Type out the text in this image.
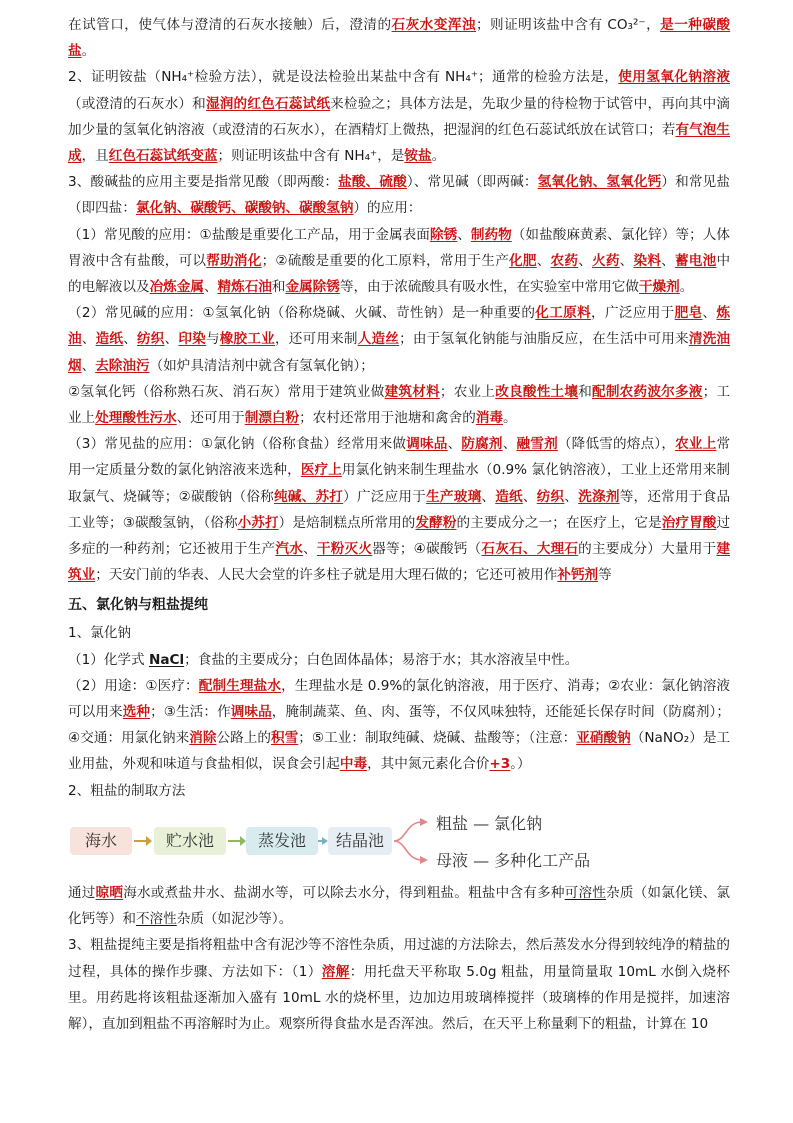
在试管口，使气体与澄清的石灰水接触）后，澄清的石灰水变浑浊；则证明该盐中含有 CO₃²⁻，是一种碳酸盐。

2、证明铵盐（NH₄⁺检验方法），就是设法检验出某盐中含有 NH₄⁺；通常的检验方法是，使用氢氧化钠溶液（或澄清的石灰水）和湿润的红色石蕊试纸来检验之；具体方法是，先取少量的待检物于试管中，再向其中滴加少量的氢氧化钠溶液（或澄清的石灰水），在酒精灯上微热，把湿润的红色石蕊试纸放在试管口；若有气泡生成，且红色石蕊试纸变蓝；则证明该盐中含有 NH₄⁺，是铵盐。

3、酸碱盐的应用主要是指常见酸（即两酸：盐酸、硫酸）、常见碱（即两碱：氢氧化钠、氢氧化钙）和常见盐（即四盐：氯化钠、碳酸钙、碳酸钠、碳酸氢钠）的应用：

（1）常见酸的应用：①盐酸是重要化工产品，用于金属表面除锈、制药物（如盐酸麻黄素、氯化锌）等；人体胃液中含有盐酸，可以帮助消化；②硫酸是重要的化工原料，常用于生产化肥、农药、火药、染料、蓄电池中的电解液以及冶炼金属、精炼石油和金属除锈等，由于浓硫酸具有吸水性，在实验室中常用它做干燥剂。

（2）常见碱的应用：①氢氧化钠（俗称烧碱、火碱、苛性钠）是一种重要的化工原料，广泛应用于肥皂、炼油、造纸、纺织、印染与橡胶工业，还可用来制人造丝；由于氢氧化钠能与油脂反应，在生活中可用来清洗油烟、去除油污（如炉具清洁剂中就含有氢氧化钠）；

②氢氧化钙（俗称熟石灰、消石灰）常用于建筑业做建筑材料；农业上改良酸性土壤和配制农药波尔多液；工业上处理酸性污水、还可用于制漂白粉；农村还常用于池塘和禽舍的消毒。

（3）常见盐的应用：①氯化钠（俗称食盐）经常用来做调味品、防腐剂、融雪剂（降低雪的熔点），农业上常用一定质量分数的氯化钠溶液来选种，医疗上用氯化钠来制生理盐水（0.9% 氯化钠溶液），工业上还常用来制取氯气、烧碱等；②碳酸钠（俗称纯碱、苏打）广泛应用于生产玻璃、造纸、纺织、洗涤剂等，还常用于食品工业等；③碳酸氢钠，（俗称小苏打）是焙制糕点所常用的发酵粉的主要成分之一；在医疗上，它是治疗胃酸过多症的一种药剂；它还被用于生产汽水、干粉灭火器等；④碳酸钙（石灰石、大理石的主要成分）大量用于建筑业；天安门前的华表、人民大会堂的许多柱子就是用大理石做的；它还可被用作补钙剂等

五、氯化钠与粗盐提纯

1、氯化钠

（1）化学式 NaCl；食盐的主要成分；白色固体晶体；易溶于水；其水溶液呈中性。

（2）用途：①医疗：配制生理盐水，生理盐水是 0.9%的氯化钠溶液，用于医疗、消毒；②农业：氯化钠溶液可以用来选种；③生活：作调味品，腌制蔬菜、鱼、肉、蛋等，不仅风味独特，还能延长保存时间（防腐剂）；④交通：用氯化钠来消除公路上的积雪；⑤工业：制取纯碱、烧碱、盐酸等；（注意：亚硝酸钠（NaNO₂）是工业用盐，外观和味道与食盐相似，误食会引起中毒，其中氮元素化合价+3。）

2、粗盐的制取方法

海水	贮水池	蒸发池	结晶池
粗盐 — 氯化钠
母液 — 多种化工产品

通过晾晒海水或煮盐井水、盐湖水等，可以除去水分，得到粗盐。粗盐中含有多种可溶性杂质（如氯化镁、氯化钙等）和不溶性杂质（如泥沙等）。

3、粗盐提纯主要是指将粗盐中含有泥沙等不溶性杂质，用过滤的方法除去，然后蒸发水分得到较纯净的精盐的过程，具体的操作步骤、方法如下：（1）溶解：用托盘天平称取 5.0g 粗盐，用量筒量取 10mL 水倒入烧杯里。用药匙将该粗盐逐渐加入盛有 10mL 水的烧杯里，边加边用玻璃棒搅拌（玻璃棒的作用是搅拌，加速溶解），直加到粗盐不再溶解时为止。观察所得食盐水是否浑浊。然后，在天平上称量剩下的粗盐，计算在 10
